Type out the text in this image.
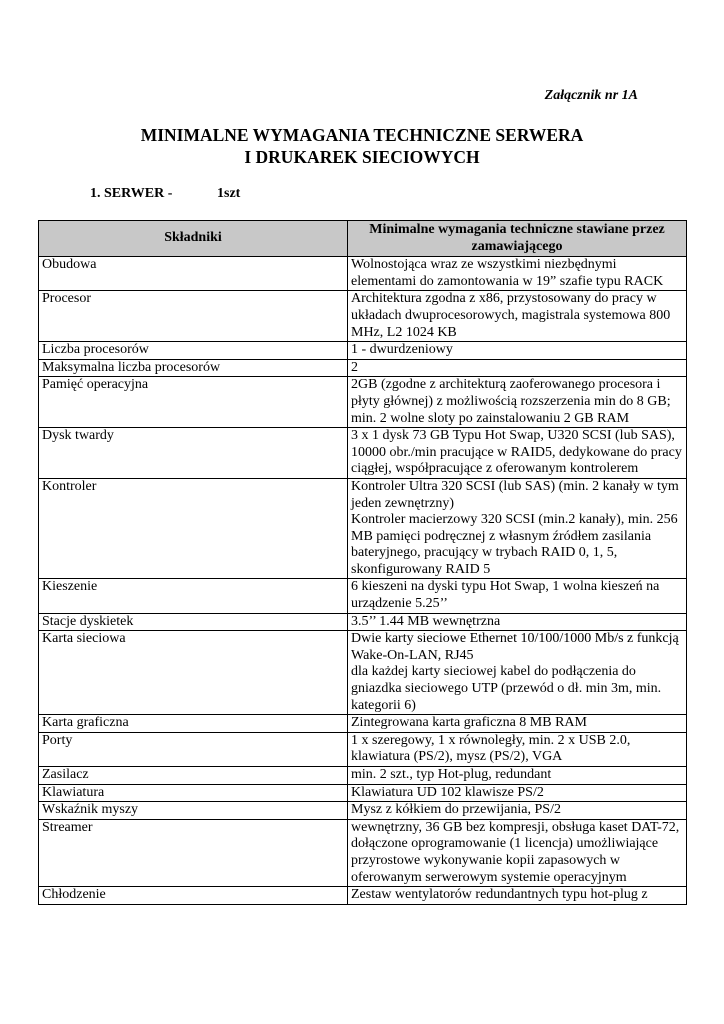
Załącznik nr 1A
MINIMALNE WYMAGANIA TECHNICZNE SERWERA
I DRUKAREK SIECIOWYCH
1. SERWER -	1szt
Składniki	Minimalne wymagania techniczne stawiane przez zamawiającego
Obudowa	Wolnostojąca wraz ze wszystkimi niezbędnymi elementami do zamontowania w 19” szafie typu RACK

Procesor	Architektura zgodna z x86, przystosowany do pracy w układach dwuprocesorowych, magistrala systemowa 800 MHz, L2 1024 KB

Liczba procesorów	1 - dwurdzeniowy

Maksymalna liczba procesorów	2

Pamięć operacyjna	2GB (zgodne z architekturą zaoferowanego procesora i płyty głównej) z możliwością rozszerzenia min do 8 GB; min. 2 wolne sloty po zainstalowaniu 2 GB RAM

Dysk twardy	3 x 1 dysk 73 GB Typu Hot Swap, U320 SCSI (lub SAS), 10000 obr./min pracujące w RAID5, dedykowane do pracy ciągłej, współpracujące z oferowanym kontrolerem

Kontroler	Kontroler Ultra 320 SCSI (lub SAS) (min. 2 kanały w tym jeden zewnętrzny)
Kontroler macierzowy 320 SCSI (min.2 kanały), min. 256 MB pamięci podręcznej z własnym źródłem zasilania bateryjnego, pracujący w trybach RAID 0, 1, 5, skonfigurowany RAID 5

Kieszenie	6 kieszeni na dyski typu Hot Swap, 1 wolna kieszeń na urządzenie 5.25’’

Stacje dyskietek	3.5’’ 1.44 MB wewnętrzna

Karta sieciowa	Dwie karty sieciowe Ethernet 10/100/1000 Mb/s z funkcją Wake-On-LAN, RJ45
dla każdej karty sieciowej kabel do podłączenia do gniazdka sieciowego UTP (przewód o dł. min 3m, min. kategorii 6)

Karta graficzna	Zintegrowana karta graficzna 8 MB RAM

Porty	1 x szeregowy, 1 x równoległy, min. 2 x USB 2.0, klawiatura (PS/2), mysz (PS/2), VGA

Zasilacz	min. 2 szt., typ Hot-plug, redundant

Klawiatura	Klawiatura UD 102 klawisze PS/2

Wskaźnik myszy	Mysz z kółkiem do przewijania, PS/2

Streamer	wewnętrzny, 36 GB bez kompresji, obsługa kaset DAT-72, dołączone oprogramowanie (1 licencja) umożliwiające przyrostowe wykonywanie kopii zapasowych w oferowanym serwerowym systemie operacyjnym

Chłodzenie	Zestaw wentylatorów redundantnych typu hot-plug z
